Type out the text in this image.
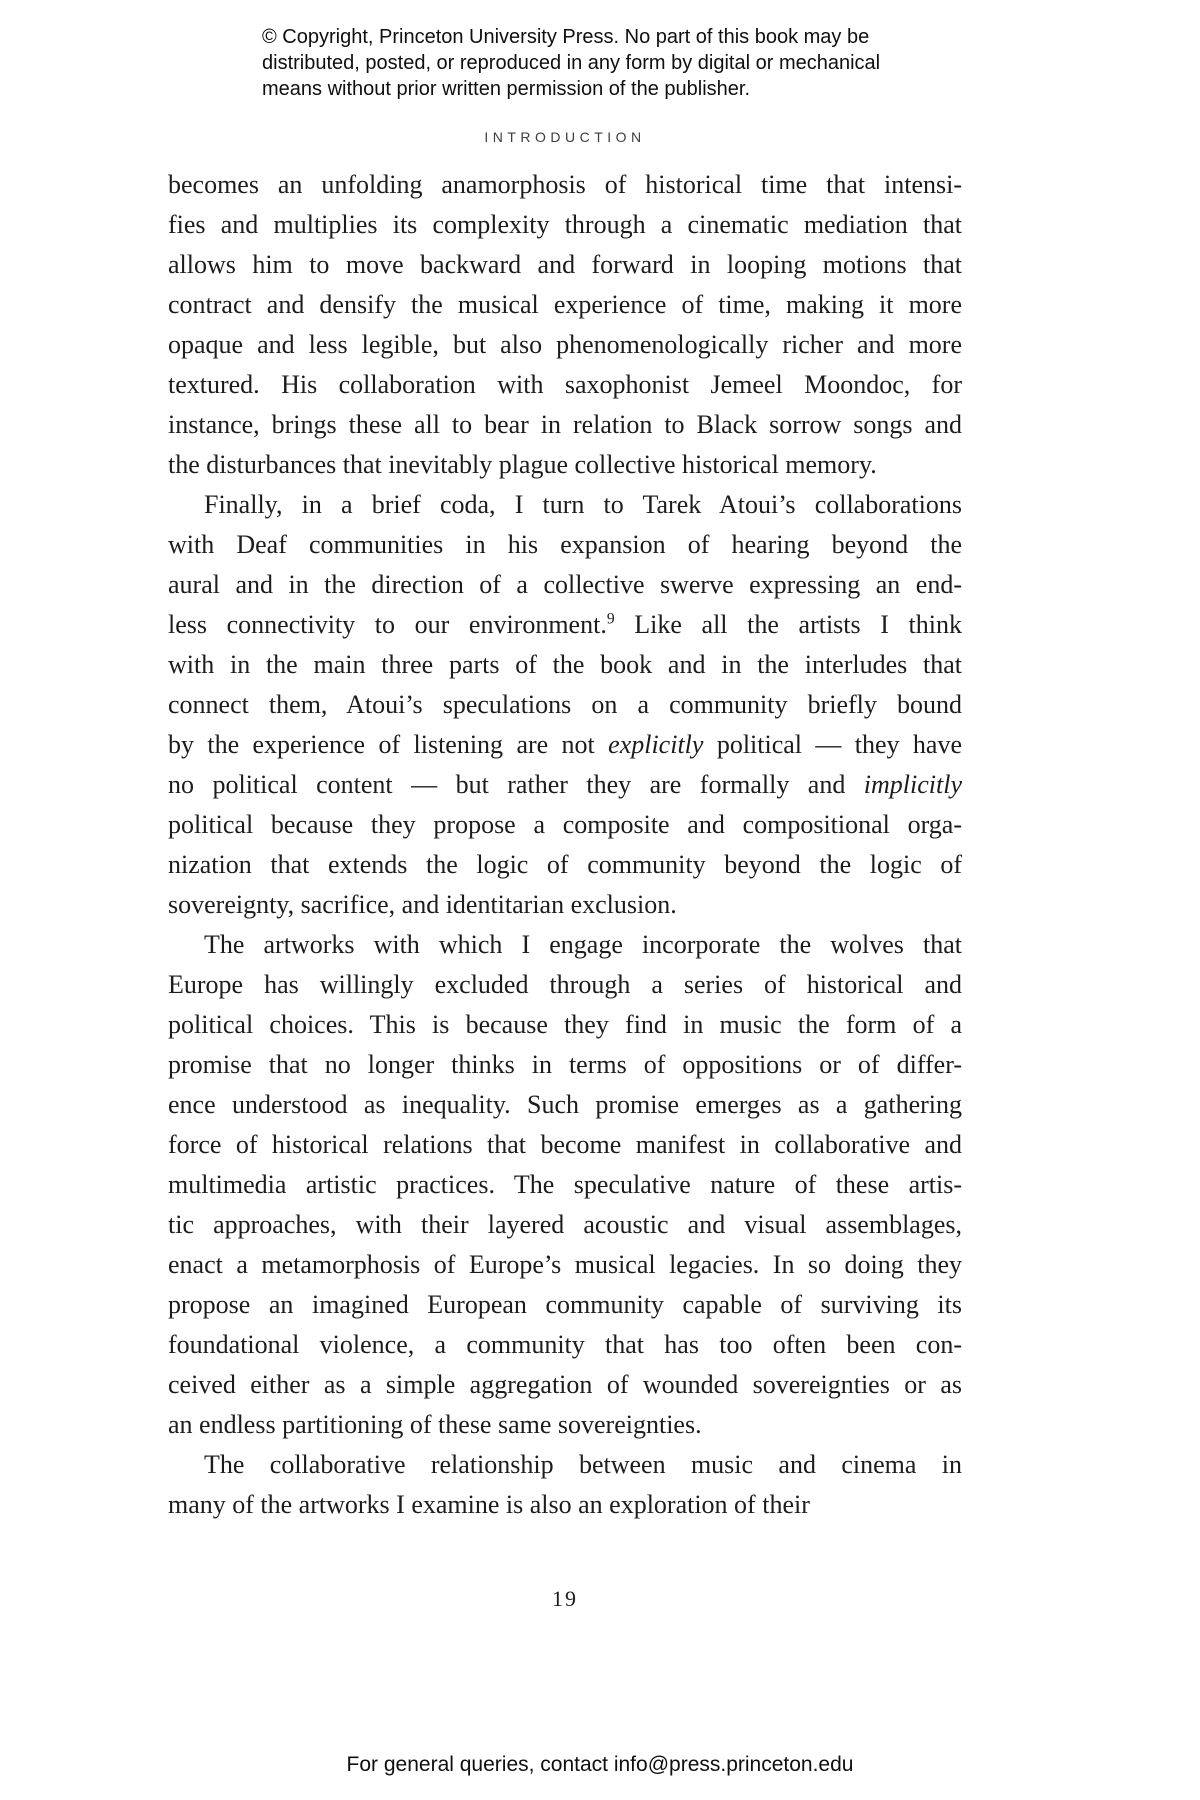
© Copyright, Princeton University Press. No part of this book may be
distributed, posted, or reproduced in any form by digital or mechanical
means without prior written permission of the publisher.
INTRODUCTION
becomes an unfolding anamorphosis of historical time that intensi-
fies and multiplies its complexity through a cinematic mediation that
allows him to move backward and forward in looping motions that
contract and densify the musical experience of time, making it more
opaque and less legible, but also phenomenologically richer and more
textured. His collaboration with saxophonist Jemeel Moondoc, for
instance, brings these all to bear in relation to Black sorrow songs and
the disturbances that inevitably plague collective historical memory.
Finally, in a brief coda, I turn to Tarek Atoui’s collaborations
with Deaf communities in his expansion of hearing beyond the
aural and in the direction of a collective swerve expressing an end-
less connectivity to our environment.$^9$ Like all the artists I think
with in the main three parts of the book and in the interludes that
connect them, Atoui’s speculations on a community briefly bound
by the experience of listening are not explicitly political — they have
no political content — but rather they are formally and implicitly
political because they propose a composite and compositional orga-
nization that extends the logic of community beyond the logic of
sovereignty, sacrifice, and identitarian exclusion.
The artworks with which I engage incorporate the wolves that
Europe has willingly excluded through a series of historical and
political choices. This is because they find in music the form of a
promise that no longer thinks in terms of oppositions or of differ-
ence understood as inequality. Such promise emerges as a gathering
force of historical relations that become manifest in collaborative and
multimedia artistic practices. The speculative nature of these artis-
tic approaches, with their layered acoustic and visual assemblages,
enact a metamorphosis of Europe’s musical legacies. In so doing they
propose an imagined European community capable of surviving its
foundational violence, a community that has too often been con-
ceived either as a simple aggregation of wounded sovereignties or as
an endless partitioning of these same sovereignties.
The collaborative relationship between music and cinema in
many of the artworks I examine is also an exploration of their
19
For general queries, contact info@press.princeton.edu
